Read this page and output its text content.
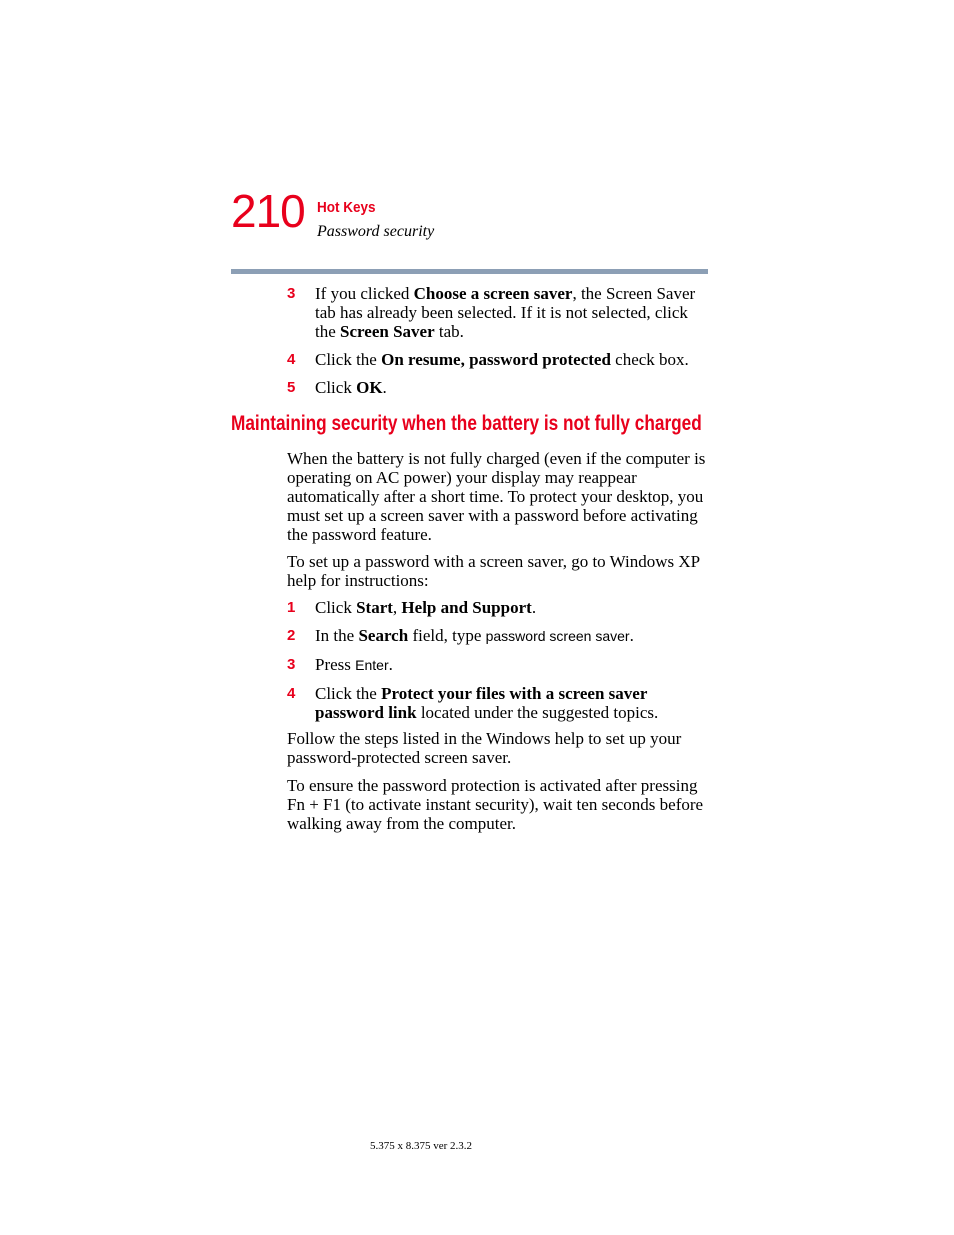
210 Hot Keys
Password security
3 If you clicked Choose a screen saver, the Screen Saver tab has already been selected. If it is not selected, click the Screen Saver tab.
4 Click the On resume, password protected check box.
5 Click OK.
Maintaining security when the battery is not fully charged

When the battery is not fully charged (even if the computer is operating on AC power) your display may reappear automatically after a short time. To protect your desktop, you must set up a screen saver with a password before activating the password feature.

To set up a password with a screen saver, go to Windows XP help for instructions:

1 Click Start, Help and Support.
2 In the Search field, type password screen saver.
3 Press Enter.
4 Click the Protect your files with a screen saver password link located under the suggested topics.

Follow the steps listed in the Windows help to set up your password-protected screen saver.

To ensure the password protection is activated after pressing Fn + F1 (to activate instant security), wait ten seconds before walking away from the computer.

5.375 x 8.375 ver 2.3.2
